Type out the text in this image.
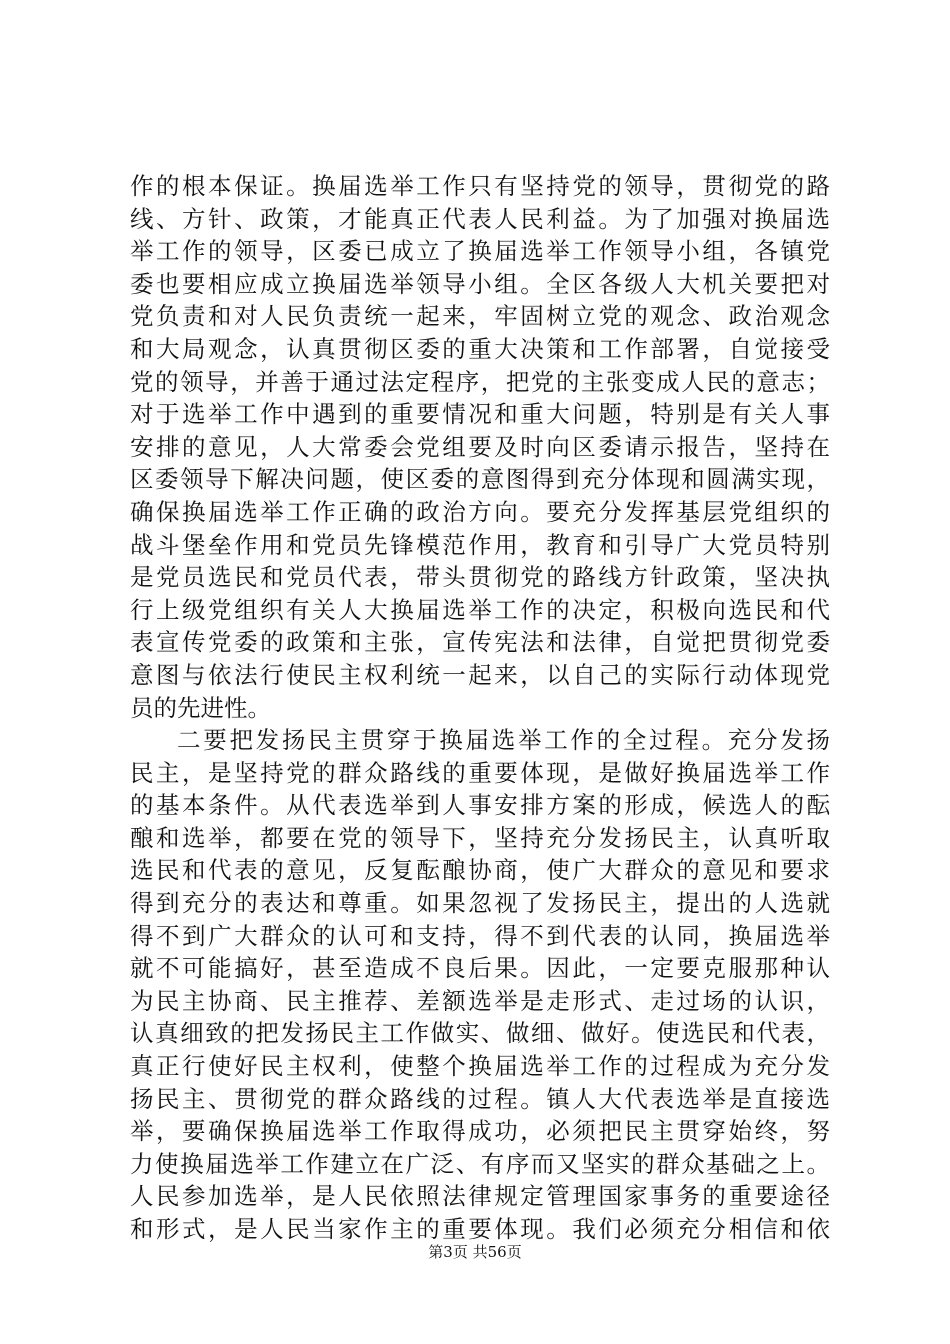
作的根本保证。换届选举工作只有坚持党的领导，贯彻党的路
线、方针、政策，才能真正代表人民利益。为了加强对换届选
举工作的领导，区委已成立了换届选举工作领导小组，各镇党
委也要相应成立换届选举领导小组。全区各级人大机关要把对
党负责和对人民负责统一起来，牢固树立党的观念、政治观念
和大局观念，认真贯彻区委的重大决策和工作部署，自觉接受
党的领导，并善于通过法定程序，把党的主张变成人民的意志；
对于选举工作中遇到的重要情况和重大问题，特别是有关人事
安排的意见，人大常委会党组要及时向区委请示报告，坚持在
区委领导下解决问题，使区委的意图得到充分体现和圆满实现，
确保换届选举工作正确的政治方向。要充分发挥基层党组织的
战斗堡垒作用和党员先锋模范作用，教育和引导广大党员特别
是党员选民和党员代表，带头贯彻党的路线方针政策，坚决执
行上级党组织有关人大换届选举工作的决定，积极向选民和代
表宣传党委的政策和主张，宣传宪法和法律，自觉把贯彻党委
意图与依法行使民主权利统一起来，以自己的实际行动体现党
员的先进性。
二要把发扬民主贯穿于换届选举工作的全过程。充分发扬
民主，是坚持党的群众路线的重要体现，是做好换届选举工作
的基本条件。从代表选举到人事安排方案的形成，候选人的酝
酿和选举，都要在党的领导下，坚持充分发扬民主，认真听取
选民和代表的意见，反复酝酿协商，使广大群众的意见和要求
得到充分的表达和尊重。如果忽视了发扬民主，提出的人选就
得不到广大群众的认可和支持，得不到代表的认同，换届选举
就不可能搞好，甚至造成不良后果。因此，一定要克服那种认
为民主协商、民主推荐、差额选举是走形式、走过场的认识，
认真细致的把发扬民主工作做实、做细、做好。使选民和代表，
真正行使好民主权利，使整个换届选举工作的过程成为充分发
扬民主、贯彻党的群众路线的过程。镇人大代表选举是直接选
举，要确保换届选举工作取得成功，必须把民主贯穿始终，努
力使换届选举工作建立在广泛、有序而又坚实的群众基础之上。
人民参加选举，是人民依照法律规定管理国家事务的重要途径
和形式，是人民当家作主的重要体现。我们必须充分相信和依
第3页 共56页
